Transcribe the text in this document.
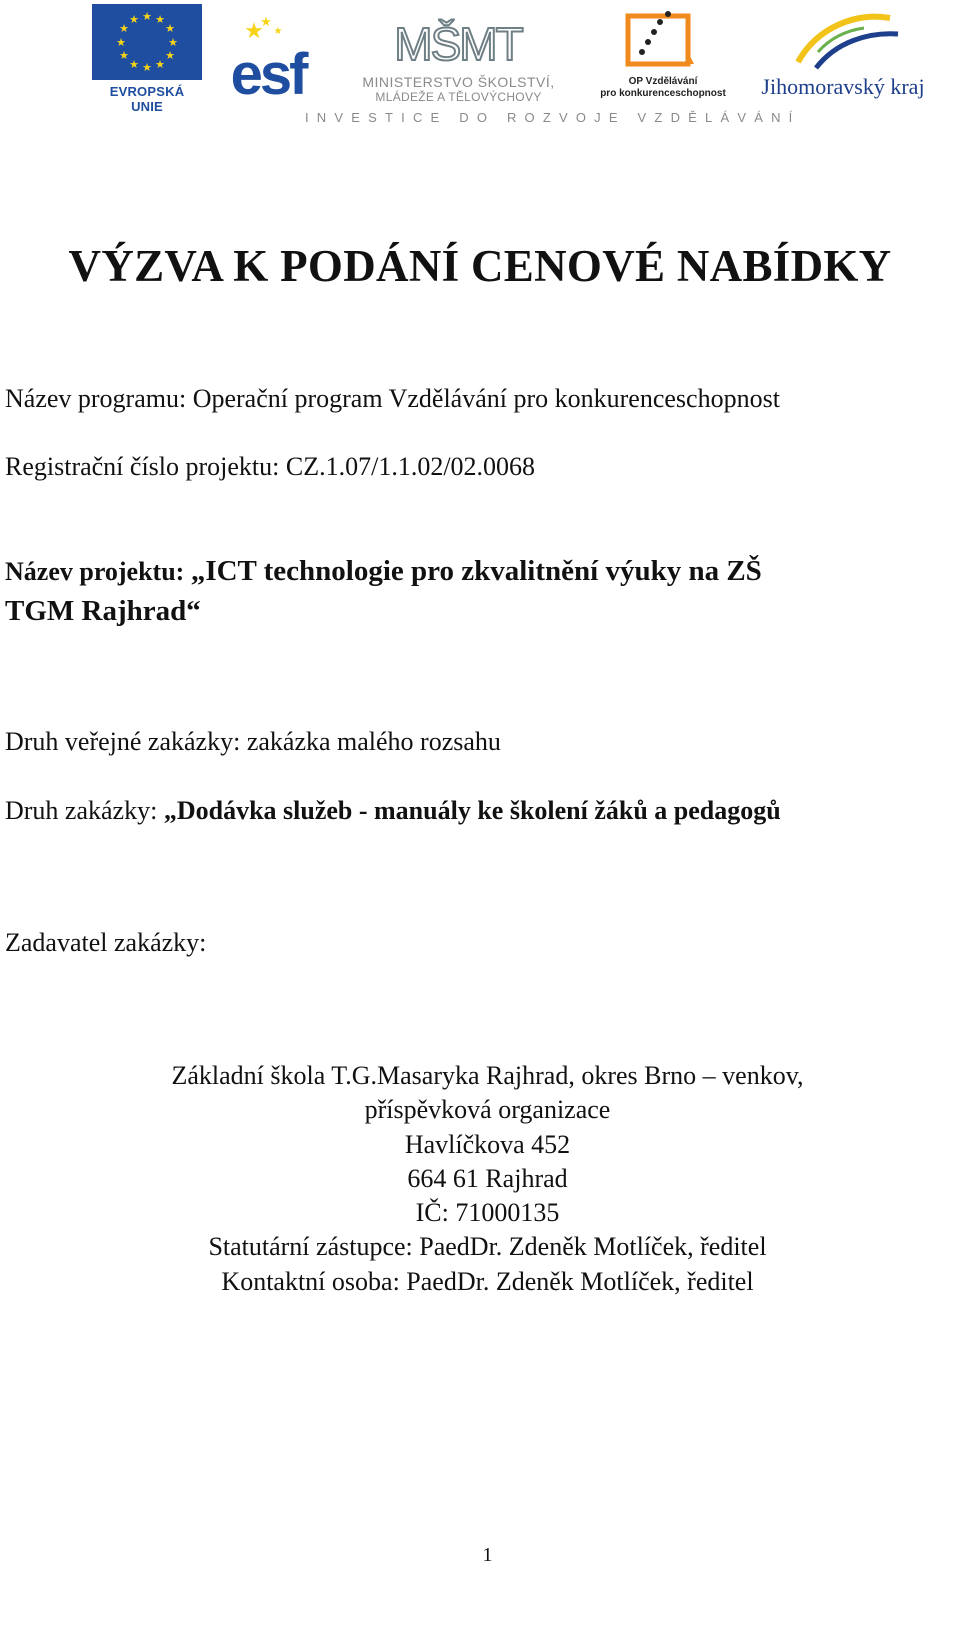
★ ★
★
★
★
★
★
★
★
★
★
★
EVROPSKÁ UNIE
★
★ ★
esf MŠMT
MINISTERSTVO ŠKOLSTVÍ,
MLÁDEŽE A TĚLOVÝCHOVY
OP Vzdělávání
pro konkurenceschopnost Jihomoravský kraj
INVESTICE DO ROZVOJE VZDĚLÁVÁNÍ
VÝZVA K PODÁNÍ CENOVÉ NABÍDKY
Název programu: Operační program Vzdělávání pro konkurenceschopnost
Registrační číslo projektu: CZ.1.07/1.1.02/02.0068
Název projektu: „ICT technologie pro zkvalitnění výuky na ZŠ
TGM Rajhrad“
Druh veřejné zakázky: zakázka malého rozsahu
Druh zakázky: „Dodávka služeb - manuály ke školení žáků a pedagogů
Zadavatel zakázky:
Základní škola T.G.Masaryka Rajhrad, okres Brno – venkov,
příspěvková organizace
Havlíčkova 452
664 61 Rajhrad
IČ: 71000135
Statutární zástupce: PaedDr. Zdeněk Motlíček, ředitel
Kontaktní osoba: PaedDr. Zdeněk Motlíček, ředitel
1
